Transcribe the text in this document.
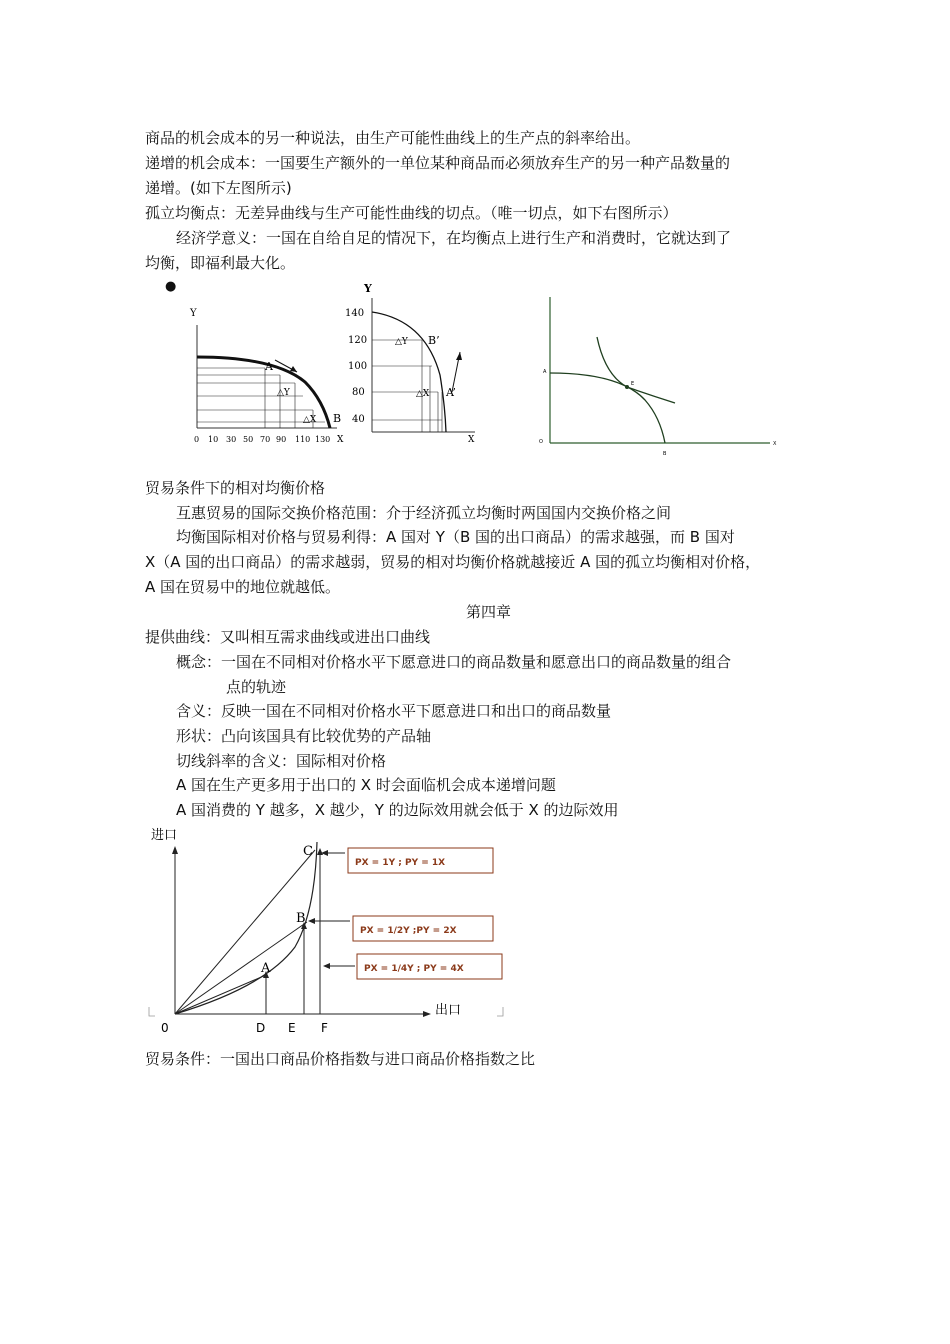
商品的机会成本的另一种说法，由生产可能性曲线上的生产点的斜率给出。
递增的机会成本：一国要生产额外的一单位某种商品而必须放弃生产的另一种产品数量的
递增。(如下左图所示)
孤立均衡点：无差异曲线与生产可能性曲线的切点。（唯一切点，如下右图所示）
经济学意义：一国在自给自足的情况下，在均衡点上进行生产和消费时，它就达到了
均衡，即福利最大化。
●
Y
A
△Y
△X B
0 10 30 50 70 90 110 130 X
Y
140
120
100
80
40
△Y B’
△X A’
X
E
A
O
B
X
贸易条件下的相对均衡价格
互惠贸易的国际交换价格范围：介于经济孤立均衡时两国国内交换价格之间
均衡国际相对价格与贸易利得：A 国对 Y（B 国的出口商品）的需求越强，而 B 国对
X（A 国的出口商品）的需求越弱，贸易的相对均衡价格就越接近 A 国的孤立均衡相对价格，
A 国在贸易中的地位就越低。
第四章
提供曲线：又叫相互需求曲线或进出口曲线
概念：一国在不同相对价格水平下愿意进口的商品数量和愿意出口的商品数量的组合
点的轨迹
含义：反映一国在不同相对价格水平下愿意进口和出口的商品数量
形状：凸向该国具有比较优势的产品轴
切线斜率的含义：国际相对价格
A 国在生产更多用于出口的 X 时会面临机会成本递增问题
A 国消费的 Y 越多，X 越少，Y 的边际效用就会低于 X 的边际效用
进口
出口
C
B
A
PX = 1Y ; PY = 1X
PX = 1/2Y ;PY = 2X
PX = 1/4Y ; PY = 4X
0	D E F
贸易条件：一国出口商品价格指数与进口商品价格指数之比
